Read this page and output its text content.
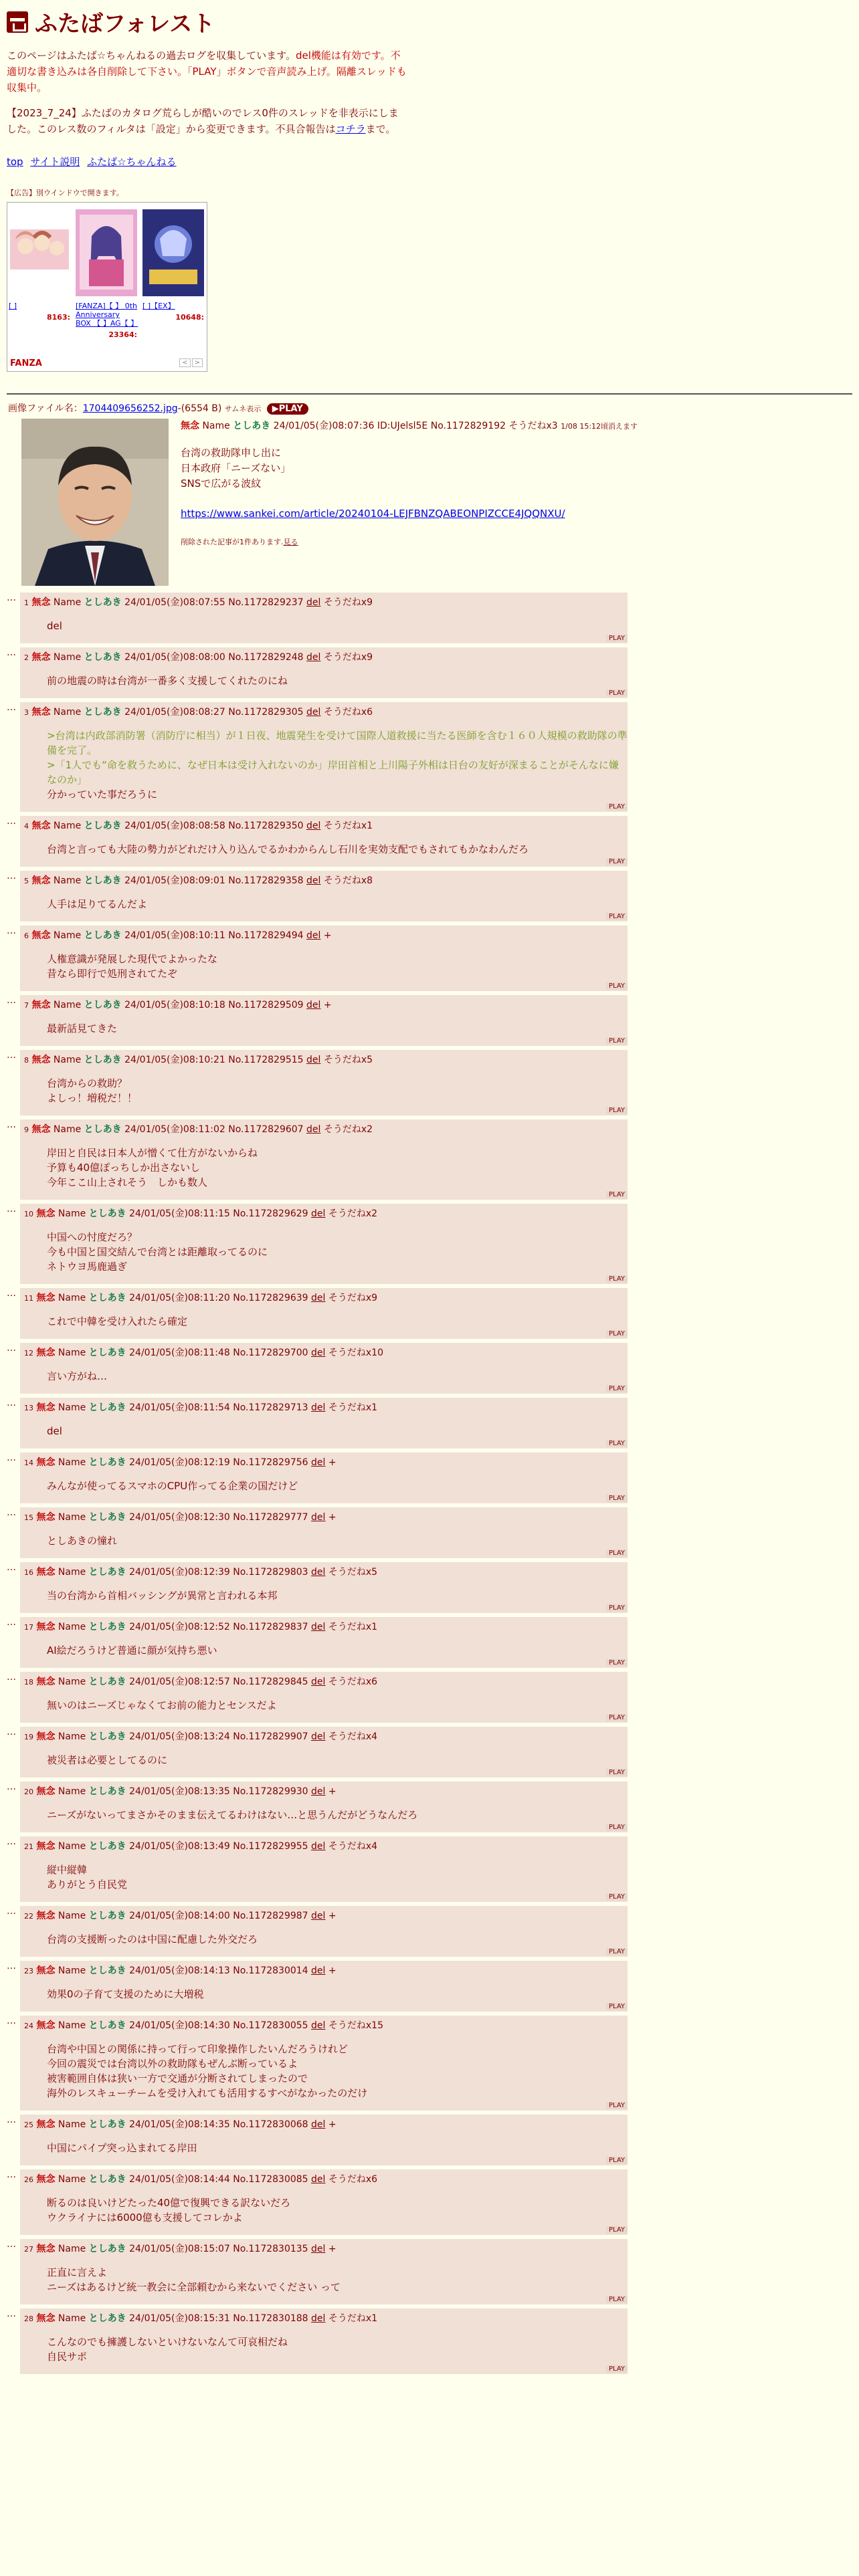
ふたばフォレスト

このページはふたば☆ちゃんねるの過去ログを収集しています。del機能は有効です。不適切な書き込みは各自削除して下さい。「PLAY」ボタンで音声読み上げ。隔離スレッドも収集中。

【2023_7_24】ふたばのカタログ荒らしが酷いのでレス0件のスレッドを非表示にしました。このレス数のフィルタは「設定」から変更できます。不具合報告はコチラまで。

top サイト説明 ふたば☆ちゃんねる
【広告】別ウインドウで開きます。
[ ]
8163:
[FANZA]【 】 0th Anniversary BOX 【 】AG【 】
23364:
[ ]【EX】
10648:
FANZA	< >
画像ファイル名：1704409656252.jpg-(6554 B) サムネ表示 ▶PLAY
無念 Name としあき 24/01/05(金)08:07:36 ID:UJelsl5E No.1172829192 そうだねx3 1/08 15:12頃消えます
台湾の救助隊申し出に
日本政府「ニーズない」
SNSで広がる波紋
https://www.sankei.com/article/20240104-LEJFBNZQABEONPIZCCE4JQQNXU/
削除された記事が1件あります.見る
…	1 無念 Name としあき 24/01/05(金)08:07:55 No.1172829237 del そうだねx9
del
PLAY
…	2 無念 Name としあき 24/01/05(金)08:08:00 No.1172829248 del そうだねx9
前の地震の時は台湾が一番多く支援してくれたのにね
PLAY
…	3 無念 Name としあき 24/01/05(金)08:08:27 No.1172829305 del そうだねx6
>台湾は内政部消防署（消防庁に相当）が１日夜、地震発生を受けて国際人道救援に当たる医師を含む１６０人規模の救助隊の準備を完了。
>「1人でも“命を救うために、なぜ日本は受け入れないのか」岸田首相と上川陽子外相は日台の友好が深まることがそんなに嫌なのか」
分かっていた事だろうに
PLAY
…	4 無念 Name としあき 24/01/05(金)08:08:58 No.1172829350 del そうだねx1
台湾と言っても大陸の勢力がどれだけ入り込んでるかわからんし石川を実効支配でもされてもかなわんだろ
PLAY
…	5 無念 Name としあき 24/01/05(金)08:09:01 No.1172829358 del そうだねx8
人手は足りてるんだよ
PLAY
…	6 無念 Name としあき 24/01/05(金)08:10:11 No.1172829494 del +
人権意識が発展した現代でよかったな
昔なら即行で処刑されてたぞ
PLAY
…	7 無念 Name としあき 24/01/05(金)08:10:18 No.1172829509 del +
最新話見てきた
PLAY
…	8 無念 Name としあき 24/01/05(金)08:10:21 No.1172829515 del そうだねx5
台湾からの救助？
よしっ！増税だ！！
PLAY
…	9 無念 Name としあき 24/01/05(金)08:11:02 No.1172829607 del そうだねx2
岸田と自民は日本人が憎くて仕方がないからね
予算も40億ぽっちしか出さないし
今年ここ山上されそう　しかも数人
PLAY
…	10 無念 Name としあき 24/01/05(金)08:11:15 No.1172829629 del そうだねx2
中国への忖度だろ？
今も中国と国交結んで台湾とは距離取ってるのに
ネトウヨ馬鹿過ぎ
PLAY
…	11 無念 Name としあき 24/01/05(金)08:11:20 No.1172829639 del そうだねx9
これで中韓を受け入れたら確定
PLAY
…	12 無念 Name としあき 24/01/05(金)08:11:48 No.1172829700 del そうだねx10
言い方がね…
PLAY
…	13 無念 Name としあき 24/01/05(金)08:11:54 No.1172829713 del そうだねx1
del
PLAY
…	14 無念 Name としあき 24/01/05(金)08:12:19 No.1172829756 del +
みんなが使ってるスマホのCPU作ってる企業の国だけど
PLAY
…	15 無念 Name としあき 24/01/05(金)08:12:30 No.1172829777 del +
としあきの憧れ
PLAY
…	16 無念 Name としあき 24/01/05(金)08:12:39 No.1172829803 del そうだねx5
当の台湾から首相バッシングが異常と言われる本邦
PLAY
…	17 無念 Name としあき 24/01/05(金)08:12:52 No.1172829837 del そうだねx1
AI絵だろうけど普通に顔が気持ち悪い
PLAY
…	18 無念 Name としあき 24/01/05(金)08:12:57 No.1172829845 del そうだねx6
無いのはニーズじゃなくてお前の能力とセンスだよ
PLAY
…	19 無念 Name としあき 24/01/05(金)08:13:24 No.1172829907 del そうだねx4
被災者は必要としてるのに
PLAY
…	20 無念 Name としあき 24/01/05(金)08:13:35 No.1172829930 del +
ニーズがないってまさかそのまま伝えてるわけはない…と思うんだがどうなんだろ
PLAY
…	21 無念 Name としあき 24/01/05(金)08:13:49 No.1172829955 del そうだねx4
縦中縦韓
ありがとう自民党
PLAY
…	22 無念 Name としあき 24/01/05(金)08:14:00 No.1172829987 del +
台湾の支援断ったのは中国に配慮した外交だろ
PLAY
…	23 無念 Name としあき 24/01/05(金)08:14:13 No.1172830014 del +
効果0の子育て支援のために大増税
PLAY
…	24 無念 Name としあき 24/01/05(金)08:14:30 No.1172830055 del そうだねx15
台湾や中国との関係に持って行って印象操作したいんだろうけれど
今回の震災では台湾以外の救助隊もぜんぶ断っているよ
被害範囲自体は狭い一方で交通が分断されてしまったので
海外のレスキューチームを受け入れても活用するすべがなかったのだけ
PLAY
…	25 無念 Name としあき 24/01/05(金)08:14:35 No.1172830068 del +
中国にパイプ突っ込まれてる岸田
PLAY
…	26 無念 Name としあき 24/01/05(金)08:14:44 No.1172830085 del そうだねx6
断るのは良いけどたった40億で復興できる訳ないだろ
ウクライナには6000億も支援してコレかよ
PLAY
…	27 無念 Name としあき 24/01/05(金)08:15:07 No.1172830135 del +
正直に言えよ
ニーズはあるけど統一教会に全部頼むから来ないでください って
PLAY
…	28 無念 Name としあき 24/01/05(金)08:15:31 No.1172830188 del そうだねx1
こんなのでも擁護しないといけないなんて可哀相だね
自民サポ
PLAY
